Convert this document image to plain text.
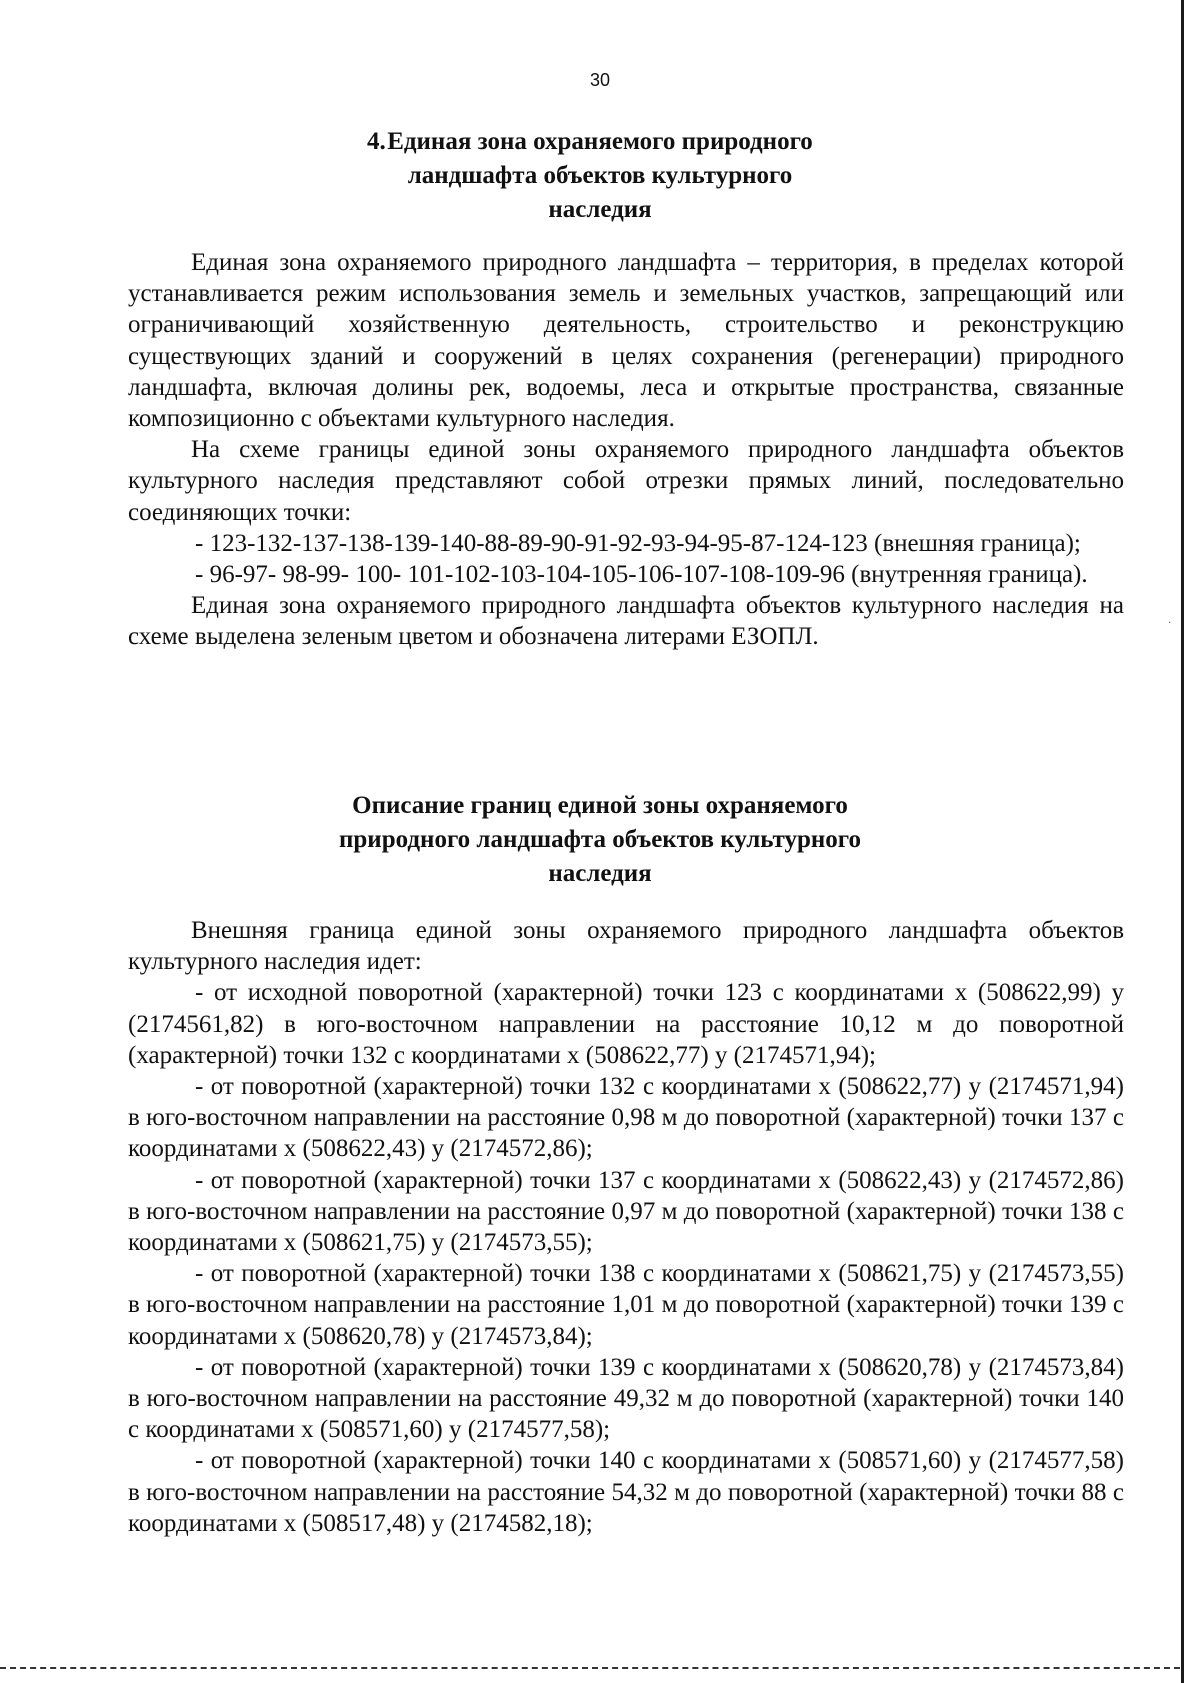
30
4. Единая зона охраняемого природного
ландшафта объектов культурного
наследия

Единая зона охраняемого природного ландшафта – территория, в пределах которой устанавливается режим использования земель и земельных участков, запрещающий или ограничивающий хозяйственную деятельность, строительство и реконструкцию существующих зданий и сооружений в целях сохранения (регенерации) природного ландшафта, включая долины рек, водоемы, леса и открытые пространства, связанные композиционно с объектами культурного наследия.

На схеме границы единой зоны охраняемого природного ландшафта объектов культурного наследия представляют собой отрезки прямых линий, последовательно соединяющих точки:

- 123-132-137-138-139-140-88-89-90-91-92-93-94-95-87-124-123 (внешняя граница);

- 96-97- 98-99- 100- 101-102-103-104-105-106-107-108-109-96 (внутренняя граница).

Единая зона охраняемого природного ландшафта объектов культурного наследия на схеме выделена зеленым цветом и обозначена литерами ЕЗОПЛ.

Описание границ единой зоны охраняемого
природного ландшафта объектов культурного
наследия

Внешняя граница единой зоны охраняемого природного ландшафта объектов культурного наследия идет:

- от исходной поворотной (характерной) точки 123 с координатами х (508622,99) у (2174561,82) в юго-восточном направлении на расстояние 10,12 м до поворотной (характерной) точки 132 с координатами х (508622,77) у (2174571,94);

- от поворотной (характерной) точки 132 с координатами х (508622,77) у (2174571,94) в юго-восточном направлении на расстояние 0,98 м до поворотной (характерной) точки 137 с координатами х (508622,43) у (2174572,86);

- от поворотной (характерной) точки 137 с координатами х (508622,43) у (2174572,86) в юго-восточном направлении на расстояние 0,97 м до поворотной (характерной) точки 138 с координатами х (508621,75) у (2174573,55);

- от поворотной (характерной) точки 138 с координатами х (508621,75) у (2174573,55) в юго-восточном направлении на расстояние 1,01 м до поворотной (характерной) точки 139 с координатами х (508620,78) у (2174573,84);

- от поворотной (характерной) точки 139 с координатами х (508620,78) у (2174573,84) в юго-восточном направлении на расстояние 49,32 м до поворотной (характерной) точки 140 с координатами х (508571,60) у (2174577,58);

- от поворотной (характерной) точки 140 с координатами х (508571,60) у (2174577,58) в юго-восточном направлении на расстояние 54,32 м до поворотной (характерной) точки 88 с координатами х (508517,48) у (2174582,18);

·
